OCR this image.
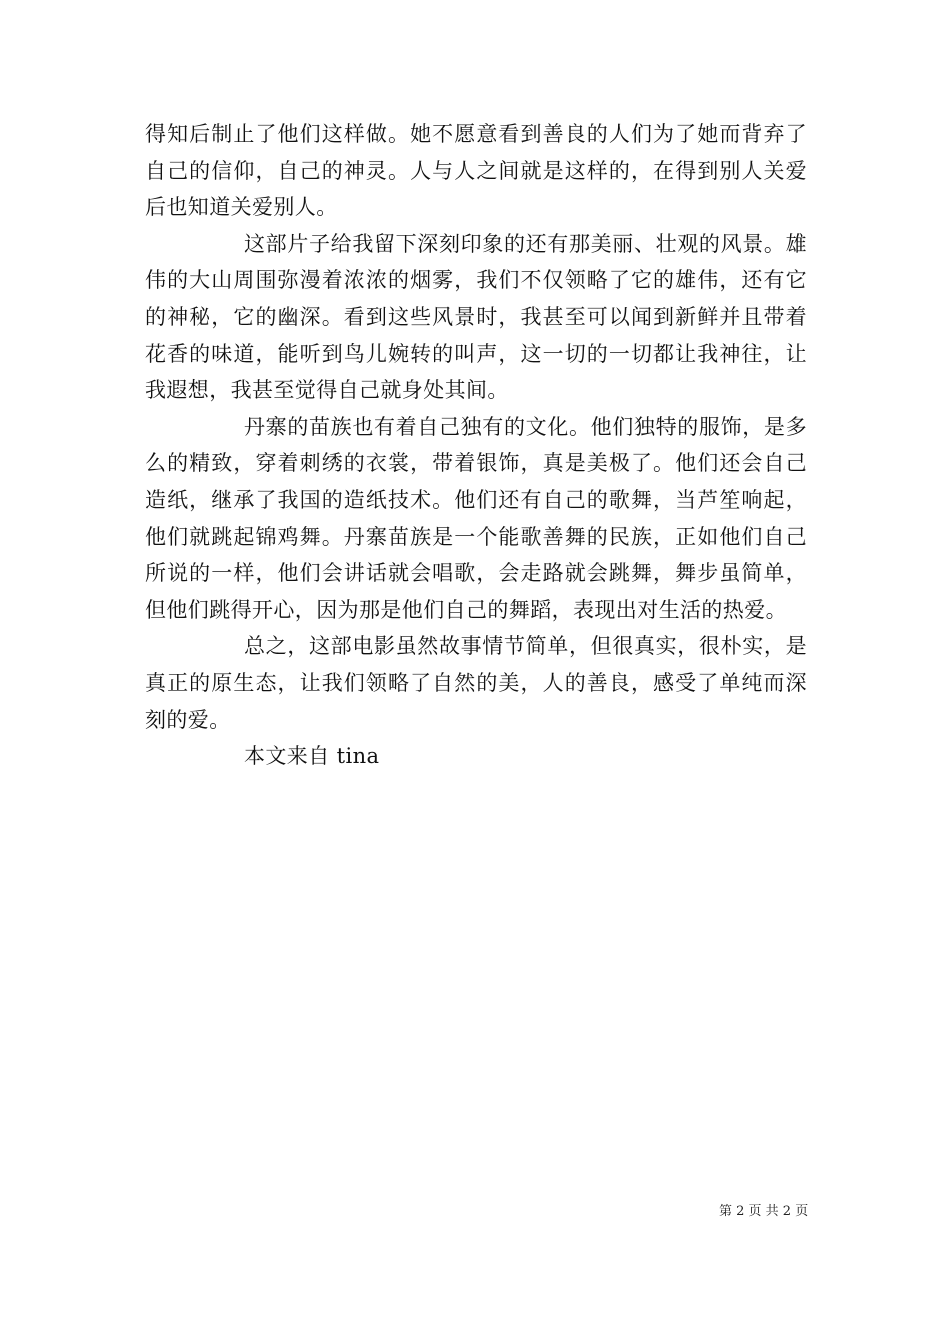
得知后制止了他们这样做。她不愿意看到善良的人们为了她而背弃了自己的信仰，自己的神灵。人与人之间就是这样的，在得到别人关爱后也知道关爱别人。

这部片子给我留下深刻印象的还有那美丽、壮观的风景。雄伟的大山周围弥漫着浓浓的烟雾，我们不仅领略了它的雄伟，还有它的神秘，它的幽深。看到这些风景时，我甚至可以闻到新鲜并且带着花香的味道，能听到鸟儿婉转的叫声，这一切的一切都让我神往，让我遐想，我甚至觉得自己就身处其间。

丹寨的苗族也有着自己独有的文化。他们独特的服饰，是多么的精致，穿着刺绣的衣裳，带着银饰，真是美极了。他们还会自己造纸，继承了我国的造纸技术。他们还有自己的歌舞，当芦笙响起，他们就跳起锦鸡舞。丹寨苗族是一个能歌善舞的民族，正如他们自己所说的一样，他们会讲话就会唱歌，会走路就会跳舞，舞步虽简单，但他们跳得开心，因为那是他们自己的舞蹈，表现出对生活的热爱。

总之，这部电影虽然故事情节简单，但很真实，很朴实，是真正的原生态，让我们领略了自然的美，人的善良，感受了单纯而深刻的爱。

本文来自 tina

第 2 页 共 2 页
